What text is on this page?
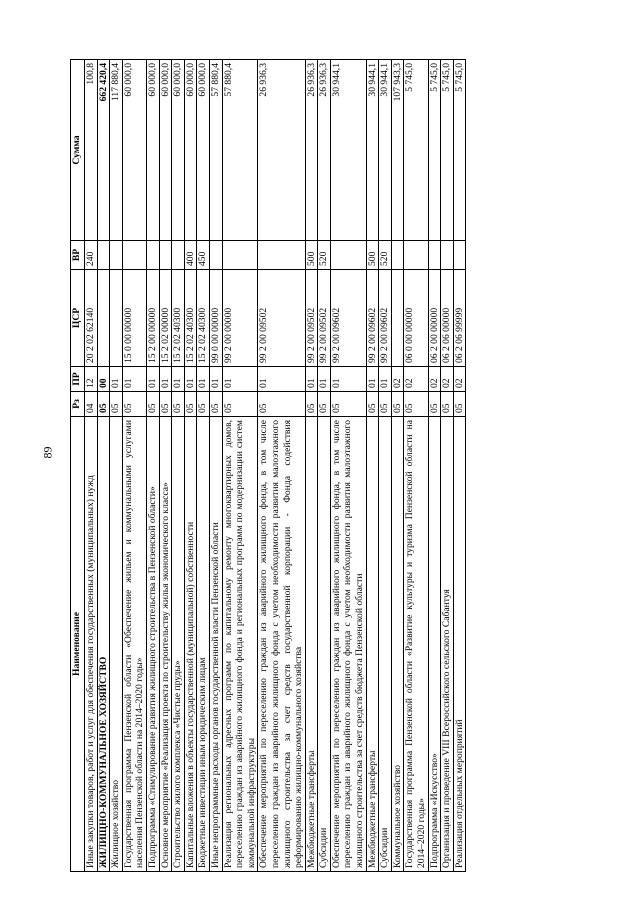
89
Наименование	Рз	ПР	ЦСР	ВР	Сумма
Иные закупки товаров, работ и услуг для обеспечения государственных (муниципальных) нужд	04	12	20 2 02 62140	240	100,8
ЖИЛИЩНО-КОММУНАЛЬНОЕ ХОЗЯЙСТВО	05	00			662 420,4
Жилищное хозяйство	05	01			117 880,4
Государственная программа Пензенской области «Обеспечение жильем и коммунальными услугами населения Пензенской области на 2014–2020 годы»	05	01	15 0 00 00000		60 000,0
Подпрограмма «Стимулирование развития жилищного строительства в Пензенской области»	05	01	15 2 00 00000		60 000,0
Основное мероприятие «Реализация проекта по строительству жилья экономического класса»	05	01	15 2 02 00000		60 000,0
Строительство жилого комплекса «Чистые пруды»	05	01	15 2 02 40300		60 000,0
Капитальные вложения в объекты государственной (муниципальной) собственности	05	01	15 2 02 40300	400	60 000,0
Бюджетные инвестиции иным юридическим лицам	05	01	15 2 02 40300	450	60 000,0
Иные непрограммные расходы органов государственной власти Пензенской области	05	01	99 0 00 00000		57 880,4
Реализация региональных адресных программ по капитальному ремонту многоквартирных домов, переселению граждан из аварийного жилищного фонда и региональных программ по модернизации систем коммунальной инфраструктуры	05	01	99 2 00 00000		57 880,4
Обеспечение мероприятий по переселению граждан из аварийного жилищного фонда, в том числе переселению граждан из аварийного жилищного фонда с учетом необходимости развития малоэтажного жилищного строительства за счет средств государственной корпорации - Фонда содействия реформированию жилищно-коммунального хозяйства	05	01	99 2 00 09502		26 936,3
Межбюджетные трансферты	05	01	99 2 00 09502	500	26 936,3
Субсидии	05	01	99 2 00 09502	520	26 936,3
Обеспечение мероприятий по переселению граждан из аварийного жилищного фонда, в том числе переселению граждан из аварийного жилищного фонда с учетом необходимости развития малоэтажного жилищного строительства за счет средств бюджета Пензенской области	05	01	99 2 00 09602		30 944,1
Межбюджетные трансферты	05	01	99 2 00 09602	500	30 944,1
Субсидии	05	01	99 2 00 09602	520	30 944,1
Коммунальное хозяйство	05	02			107 943,3
Государственная программа Пензенской области «Развитие культуры и туризма Пензенской области на 2014–2020 годы»	05	02	06 0 00 00000		5 745,0
Подпрограмма «Искусство»	05	02	06 2 00 00000		5 745,0
Организация и проведение VIII Всероссийского сельского Сабантуя	05	02	06 2 06 00000		5 745,0
Реализация отдельных мероприятий	05	02	06 2 06 99999		5 745,0
